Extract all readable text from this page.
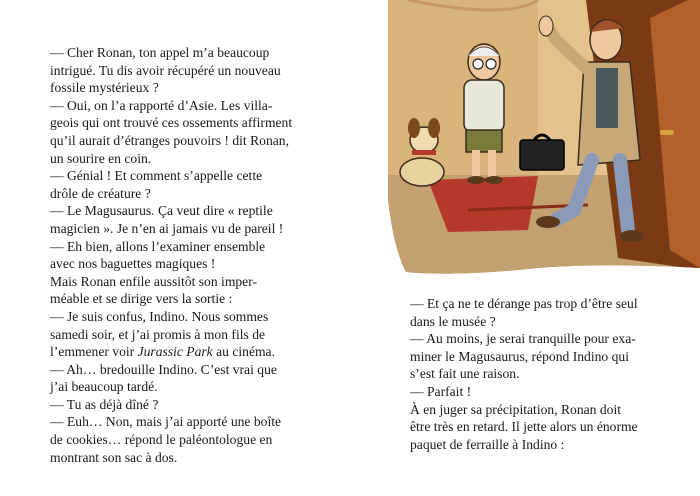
— Cher Ronan, ton appel m’a beaucoup
intrigué. Tu dis avoir récupéré un nouveau
fossile mystérieux ?

— Oui, on l’a rapporté d’Asie. Les villa-
geois qui ont trouvé ces ossements affirment
qu’il aurait d’étranges pouvoirs ! dit Ronan,
un sourire en coin.

— Génial ! Et comment s’appelle cette
drôle de créature ?

— Le Magusaurus. Ça veut dire « reptile
magicien ». Je n’en ai jamais vu de pareil !

— Eh bien, allons l’examiner ensemble
avec nos baguettes magiques !

Mais Ronan enfile aussitôt son imper-
méable et se dirige vers la sortie :

— Je suis confus, Indino. Nous sommes
samedi soir, et j’ai promis à mon fils de
l’emmener voir Jurassic Park au cinéma.

— Ah… bredouille Indino. C’est vrai que
j’ai beaucoup tardé.

— Tu as déjà dîné ?

— Euh… Non, mais j’ai apporté une boîte
de cookies… répond le paléontologue en
montrant son sac à dos.

— Et ça ne te dérange pas trop d’être seul
dans le musée ?

— Au moins, je serai tranquille pour exa-
miner le Magusaurus, répond Indino qui
s’est fait une raison.

— Parfait !

À en juger sa précipitation, Ronan doit
être très en retard. Il jette alors un énorme
paquet de ferraille à Indino :
